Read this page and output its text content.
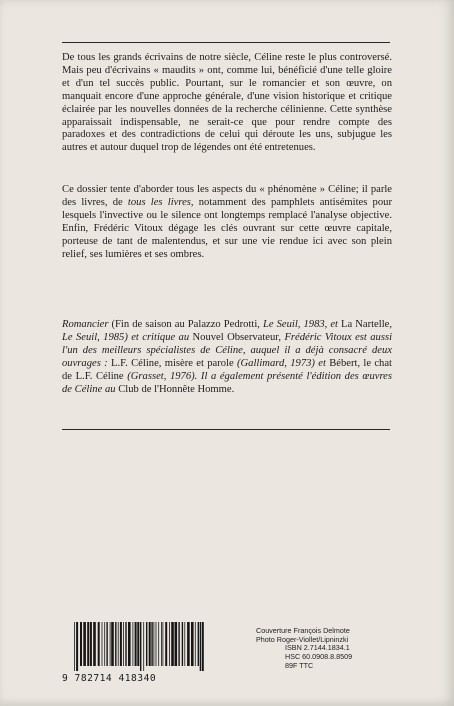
De tous les grands écrivains de notre siècle, Céline reste le plus controversé. Mais peu d'écrivains « maudits » ont, comme lui, bénéficié d'une telle gloire et d'un tel succès public. Pourtant, sur le romancier et son œuvre, on manquait encore d'une approche générale, d'une vision historique et critique éclairée par les nouvelles données de la recherche célinienne. Cette synthèse apparaissait indispensable, ne serait-ce que pour rendre compte des paradoxes et des contradictions de celui qui déroute les uns, subjugue les autres et autour duquel trop de légendes ont été entretenues.

Ce dossier tente d'aborder tous les aspects du « phénomène » Céline; il parle des livres, de tous les livres, notamment des pamphlets antisémites pour lesquels l'invective ou le silence ont longtemps remplacé l'analyse objective. Enfin, Frédéric Vitoux dégage les clés ouvrant sur cette œuvre capitale, porteuse de tant de malentendus, et sur une vie rendue ici avec son plein relief, ses lumières et ses ombres.

Romancier (Fin de saison au Palazzo Pedrotti, Le Seuil, 1983, et La Nartelle, Le Seuil, 1985) et critique au Nouvel Observateur, Frédéric Vitoux est aussi l'un des meilleurs spécialistes de Céline, auquel il a déjà consacré deux ouvrages : L.F. Céline, misère et parole (Gallimard, 1973) et Bébert, le chat de L.F. Céline (Grasset, 1976). Il a également présenté l'édition des œuvres de Céline au Club de l'Honnête Homme.

9 782714 418340
Couverture François Delmote
Photo Roger-Viollet/Lipninzki
ISBN 2.7144.1834.1
HSC 60.0908.8.8509
89F TTC
